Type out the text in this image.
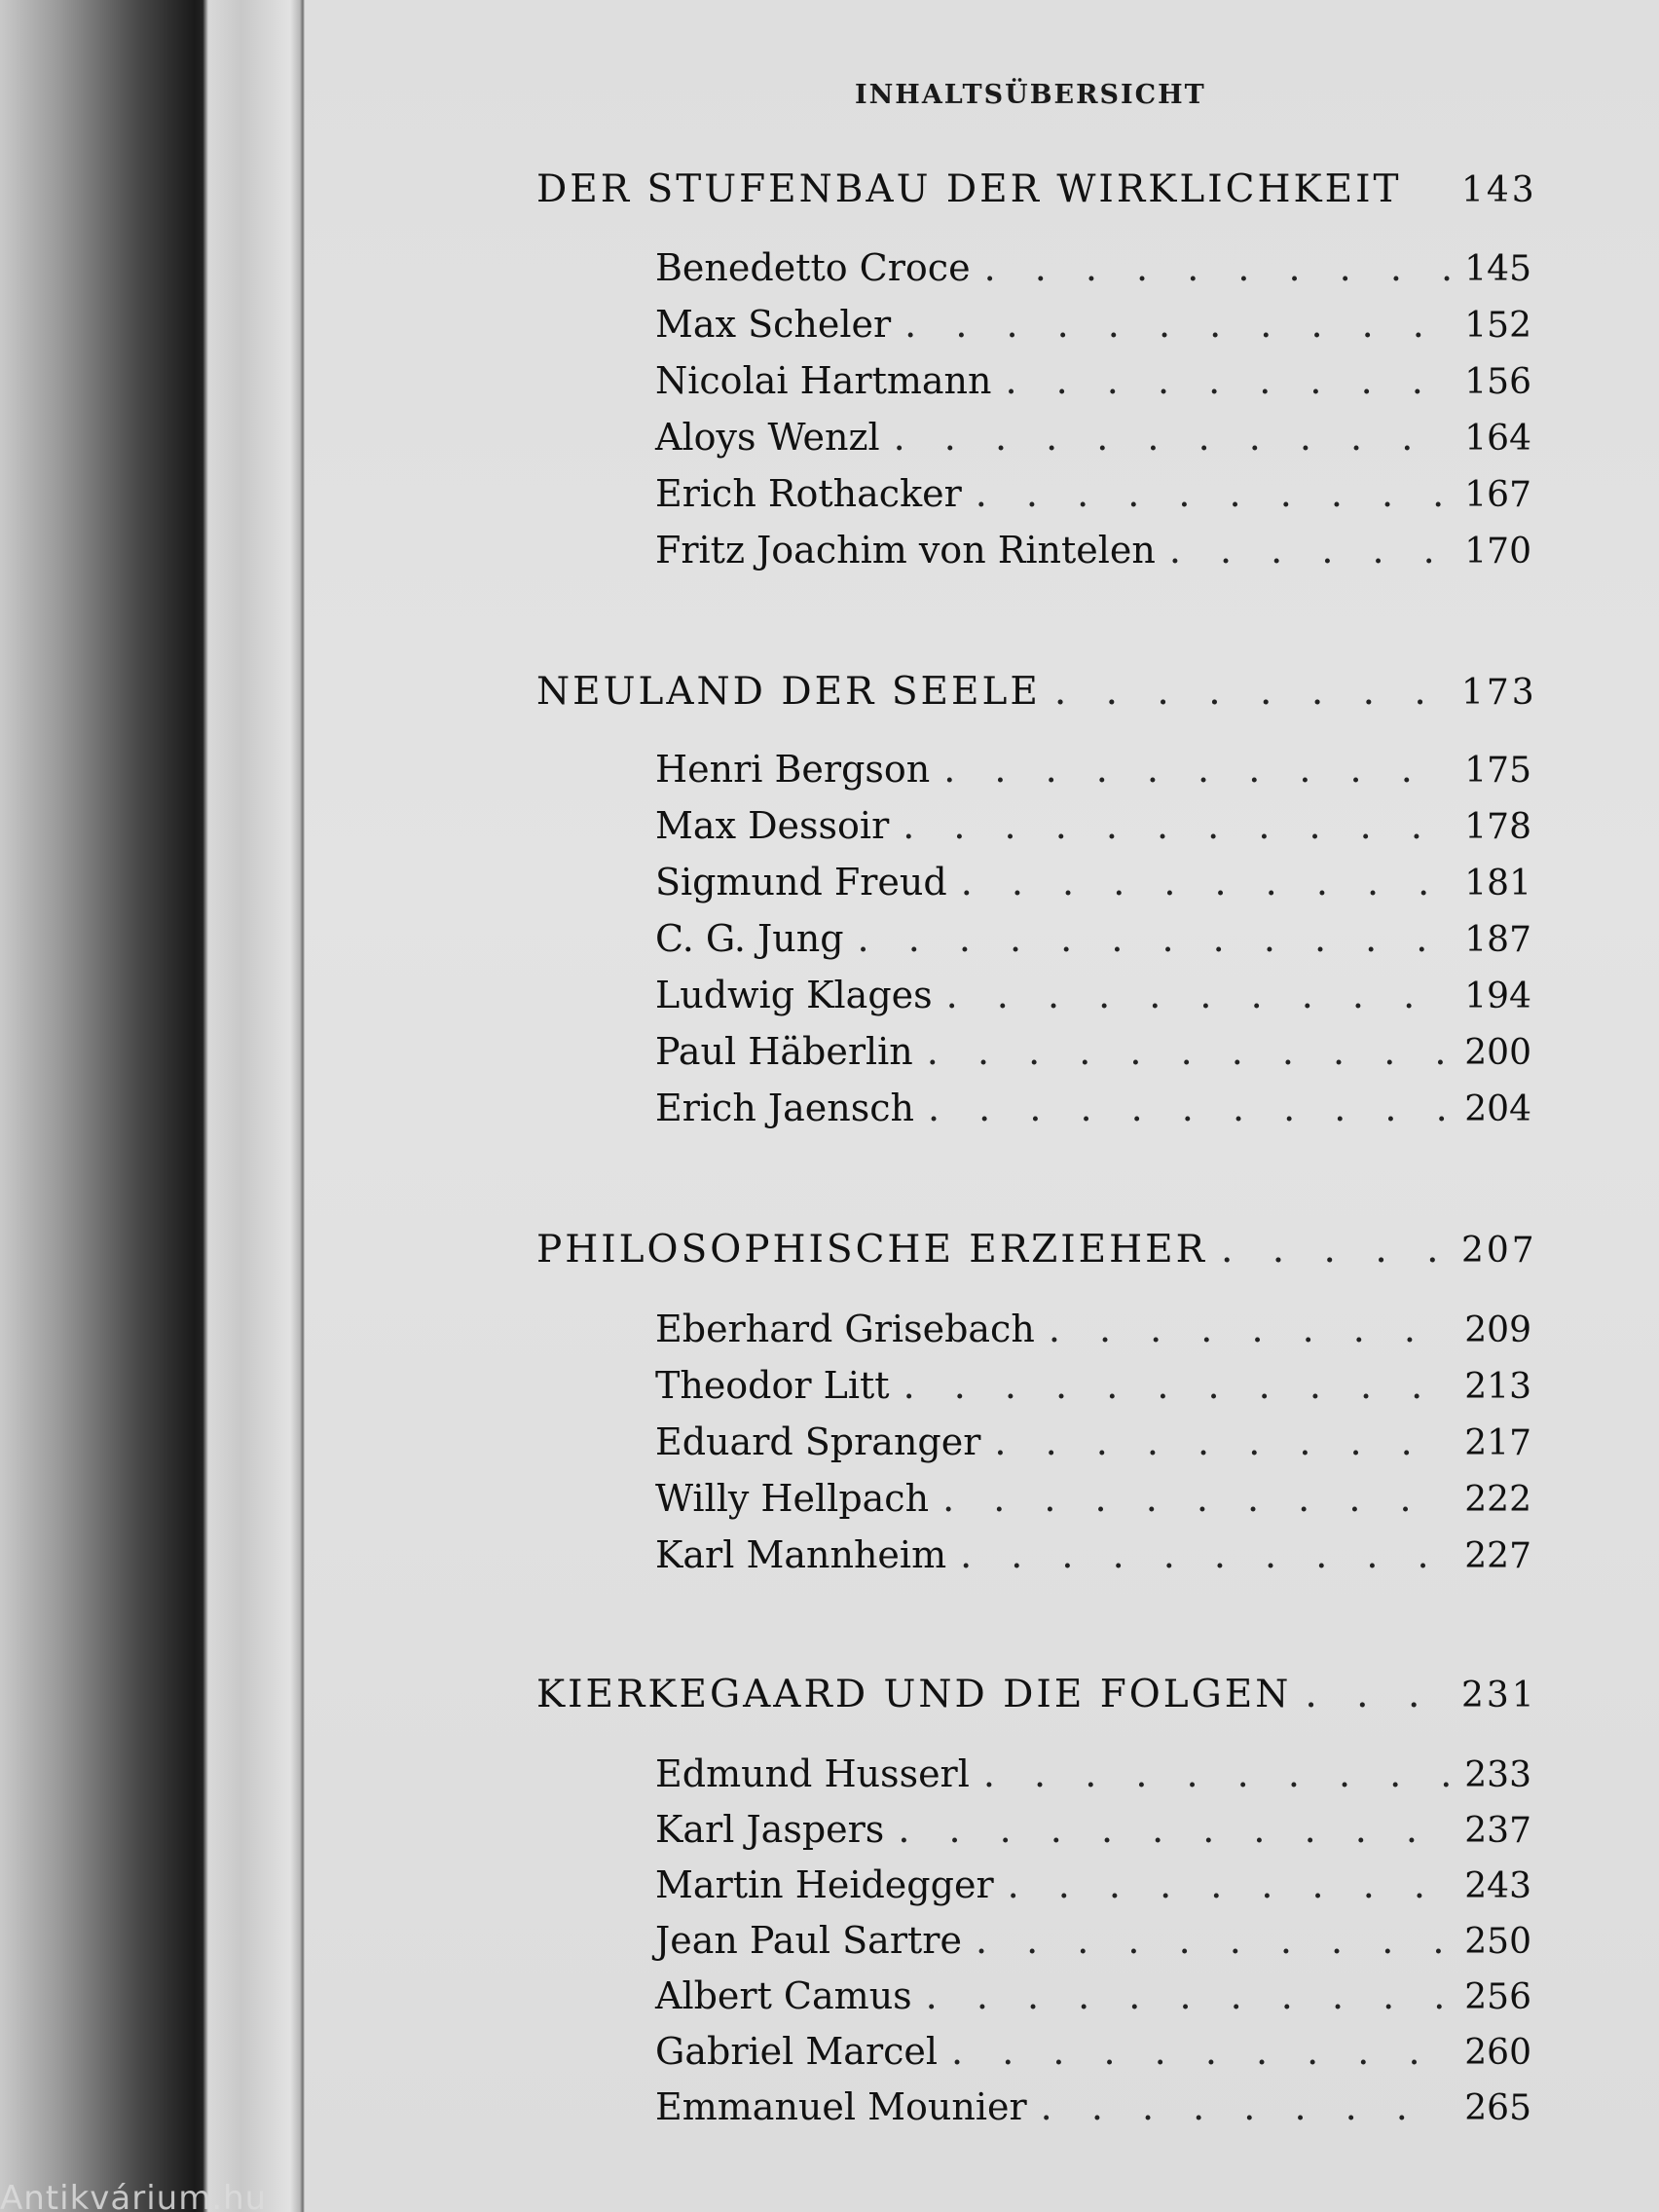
INHALTSÜBERSICHT
DER STUFENBAU DER WIRKLICHKEIT 143
Benedetto Croce . . .	145
Max Scheler . . .	152
Nicolai Hartmann . . .	156
Aloys Wenzl . . .	164
Erich Rothacker . . .	167
Fritz Joachim von Rintelen . . .	170
NEULAND DER SEELE . . .	173
Henri Bergson . . .	175
Max Dessoir . . .	178
Sigmund Freud . . .	181
C. G. Jung . . .	187
Ludwig Klages . . .	194
Paul Häberlin . . .	200
Erich Jaensch . . .	204
PHILOSOPHISCHE ERZIEHER . . .	207
Eberhard Grisebach . . .	209
Theodor Litt . . .	213
Eduard Spranger . . .	217
Willy Hellpach . . .	222
Karl Mannheim . . .	227
KIERKEGAARD UND DIE FOLGEN . . .	231
Edmund Husserl . . .	233
Karl Jaspers . . .	237
Martin Heidegger . . .	243
Jean Paul Sartre . . .	250
Albert Camus . . .	256
Gabriel Marcel . . .	260
Emmanuel Mounier . . .	265
Antikvárium.hu
